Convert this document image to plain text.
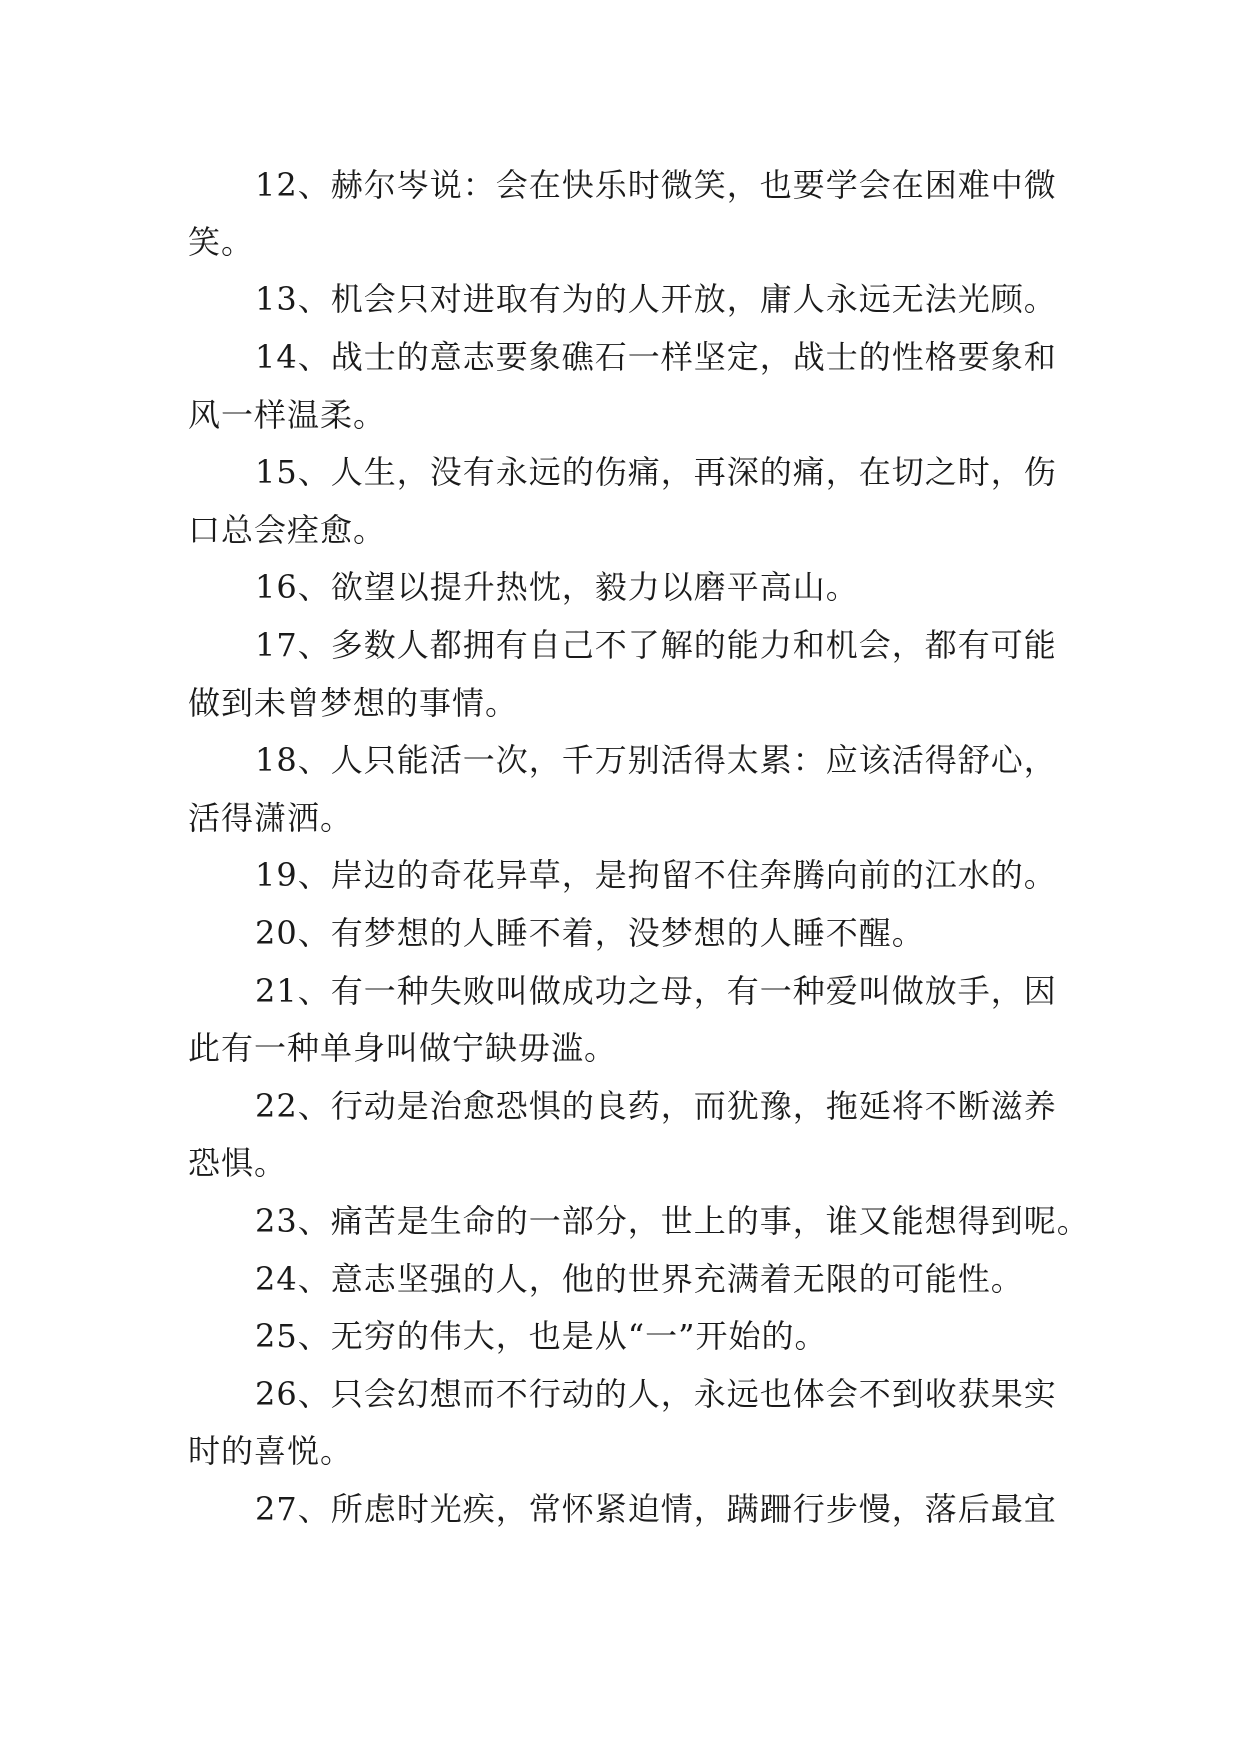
12、赫尔岑说：会在快乐时微笑，也要学会在困难中微
笑。
13、机会只对进取有为的人开放，庸人永远无法光顾。
14、战士的意志要象礁石一样坚定，战士的性格要象和
风一样温柔。
15、人生，没有永远的伤痛，再深的痛，在切之时，伤
口总会痊愈。
16、欲望以提升热忱，毅力以磨平高山。
17、多数人都拥有自己不了解的能力和机会，都有可能
做到未曾梦想的事情。
18、人只能活一次，千万别活得太累：应该活得舒心，
活得潇洒。
19、岸边的奇花异草，是拘留不住奔腾向前的江水的。
20、有梦想的人睡不着，没梦想的人睡不醒。
21、有一种失败叫做成功之母，有一种爱叫做放手，因
此有一种单身叫做宁缺毋滥。
22、行动是治愈恐惧的良药，而犹豫，拖延将不断滋养
恐惧。
23、痛苦是生命的一部分，世上的事，谁又能想得到呢。
24、意志坚强的人，他的世界充满着无限的可能性。
25、无穷的伟大，也是从“一”开始的。
26、只会幻想而不行动的人，永远也体会不到收获果实
时的喜悦。
27、所虑时光疾，常怀紧迫情，蹒跚行步慢，落后最宜
